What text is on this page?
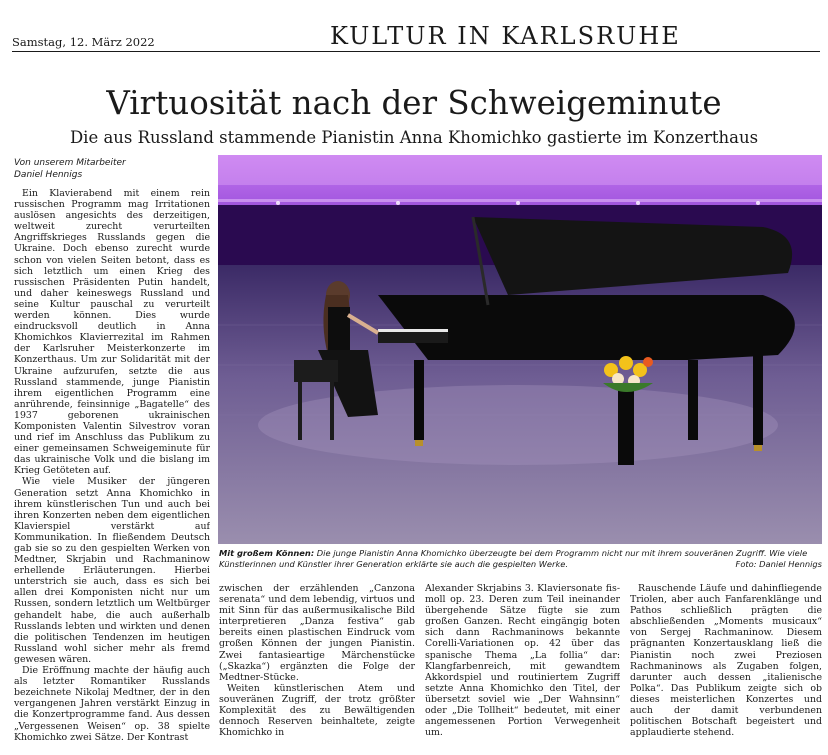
Samstag, 12. März 2022	KULTUR IN KARLSRUHE
Virtuosität nach der Schweigeminute
Die aus Russland stammende Pianistin Anna Khomichko gastierte im Konzerthaus
Von unserem Mitarbeiter
Daniel Hennigs

Ein Klavierabend mit einem rein russischen Programm mag Irritationen auslösen angesichts des derzeitigen, weltweit zurecht verurteilten Angriffskrieges Russlands gegen die Ukraine. Doch ebenso zurecht wurde schon von vielen Seiten betont, dass es sich letztlich um einen Krieg des russischen Präsidenten Putin handelt, und daher keineswegs Russland und seine Kultur pauschal zu verurteilt werden können. Dies wurde eindrucksvoll deutlich in Anna Khomichkos Klavierrezital im Rahmen der Karlsruher Meisterkonzerte im Konzerthaus. Um zur Solidarität mit der Ukraine aufzurufen, setzte die aus Russland stammende, junge Pianistin ihrem eigentlichen Programm eine anrührende, feinsinnige „Bagatelle“ des 1937 geborenen ukrainischen Komponisten Valentin Silvestrov voran und rief im Anschluss das Publikum zu einer gemeinsamen Schweigeminute für das ukrainische Volk und die bislang im Krieg Getöteten auf.

Wie viele Musiker der jüngeren Generation setzt Anna Khomichko in ihrem künstlerischen Tun und auch bei ihren Konzerten neben dem eigentlichen Klavierspiel verstärkt auf Kommunikation. In fließendem Deutsch gab sie so zu den gespielten Werken von Medtner, Skrjabin und Rachmaninow erhellende Erläuterungen. Hierbei unterstrich sie auch, dass es sich bei allen drei Komponisten nicht nur um Russen, sondern letztlich um Weltbürger gehandelt habe, die auch außerhalb Russlands lebten und wirkten und denen die politischen Tendenzen im heutigen Russland wohl sicher mehr als fremd gewesen wären.

Die Eröffnung machte der häufig auch als letzter Romantiker Russlands bezeichnete Nikolaj Medtner, der in den vergangenen Jahren verstärkt Einzug in die Konzertprogramme fand. Aus dessen „Vergessenen Weisen“ op. 38 spielte Khomichko zwei Sätze. Der Kontrast

Mit großem Können: Die junge Pianistin Anna Khomichko überzeugte bei dem Programm nicht nur mit ihrem souveränen Zugriff. Wie viele Künstlerinnen und Künstler ihrer Generation erklärte sie auch die gespielten Werke.	Foto: Daniel Hennigs

zwischen der erzählenden „Canzona serenata“ und dem lebendig, virtuos und mit Sinn für das außermusikalische Bild interpretieren „Danza festiva“ gab bereits einen plastischen Eindruck vom großen Können der jungen Pianistin. Zwei fantasieartige Märchenstücke („Skazka“) ergänzten die Folge der Medtner-Stücke.

Weiten künstlerischen Atem und souveränen Zugriff, der trotz größter Komplexität des zu Bewältigenden dennoch Reserven beinhaltete, zeigte Khomichko in

Alexander Skrjabins 3. Klaviersonate fis-moll op. 23. Deren zum Teil ineinander übergehende Sätze fügte sie zum großen Ganzen. Recht eingängig boten sich dann Rachmaninows bekannte Corelli-Variationen op. 42 über das spanische Thema „La follia“ dar: Klangfarbenreich, mit gewandtem Akkordspiel und routiniertem Zugriff setzte Anna Khomichko den Titel, der übersetzt soviel wie „Der Wahnsinn“ oder „Die Tollheit“ bedeutet, mit einer angemessenen Portion Verwegenheit um.

Rauschende Läufe und dahinfliegende Triolen, aber auch Fanfarenklänge und Pathos schließlich prägten die abschließenden „Moments musicaux“ von Sergej Rachmaninow. Diesem prägnanten Konzertausklang ließ die Pianistin noch zwei Preziosen Rachmaninows als Zugaben folgen, darunter auch dessen „italienische Polka“. Das Publikum zeigte sich ob dieses meisterlichen Konzertes und auch der damit verbundenen politischen Botschaft begeistert und applaudierte stehend.
